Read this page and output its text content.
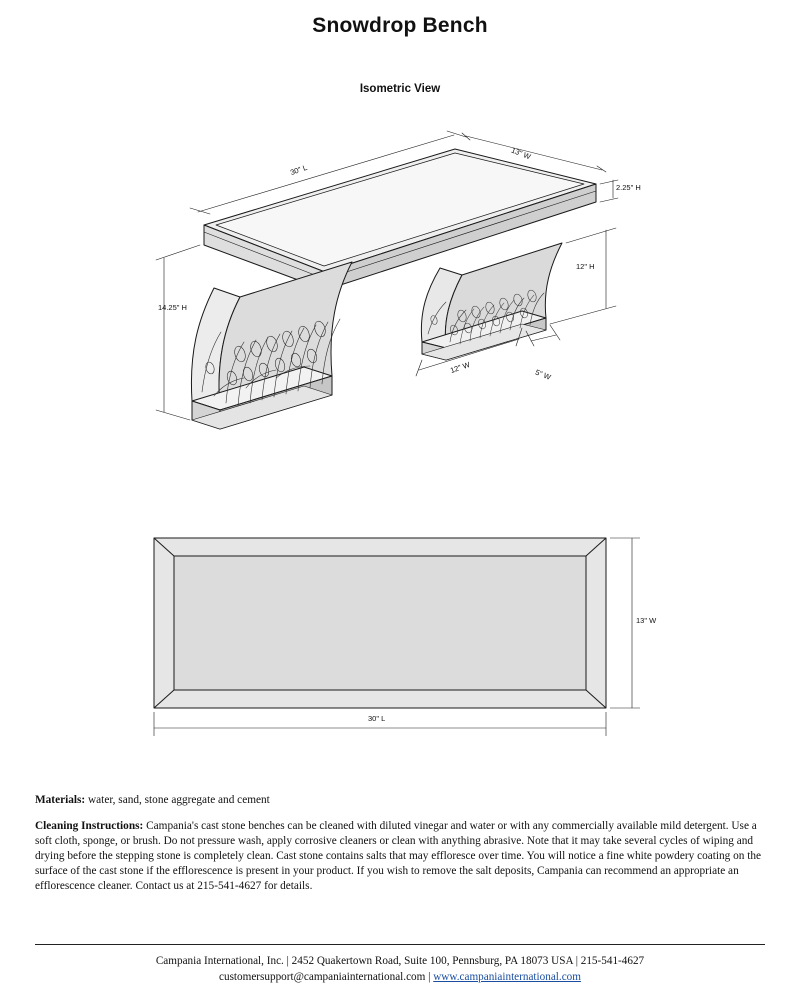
Snowdrop Bench
Isometric View
30" L
13" W
2.25" H
12" H
14.25" H
12" W	5" W
13" W
30" L
Materials: water, sand, stone aggregate and cement
Cleaning Instructions: Campania's cast stone benches can be cleaned with diluted vinegar and water or with any commercially available mild detergent. Use a soft cloth, sponge, or brush. Do not pressure wash, apply corrosive cleaners or clean with anything abrasive. Note that it may take several cycles of wiping and drying before the stepping stone is completely clean. Cast stone contains salts that may effloresce over time. You will notice a fine white powdery coating on the surface of the cast stone if the efflorescence is present in your product. If you wish to remove the salt deposits, Campania can recommend an appropriate an efflorescence cleaner. Contact us at 215-541-4627 for details.
Campania International, Inc. | 2452 Quakertown Road, Suite 100, Pennsburg, PA 18073 USA | 215-541-4627
customersupport@campaniainternational.com | www.campaniainternational.com
